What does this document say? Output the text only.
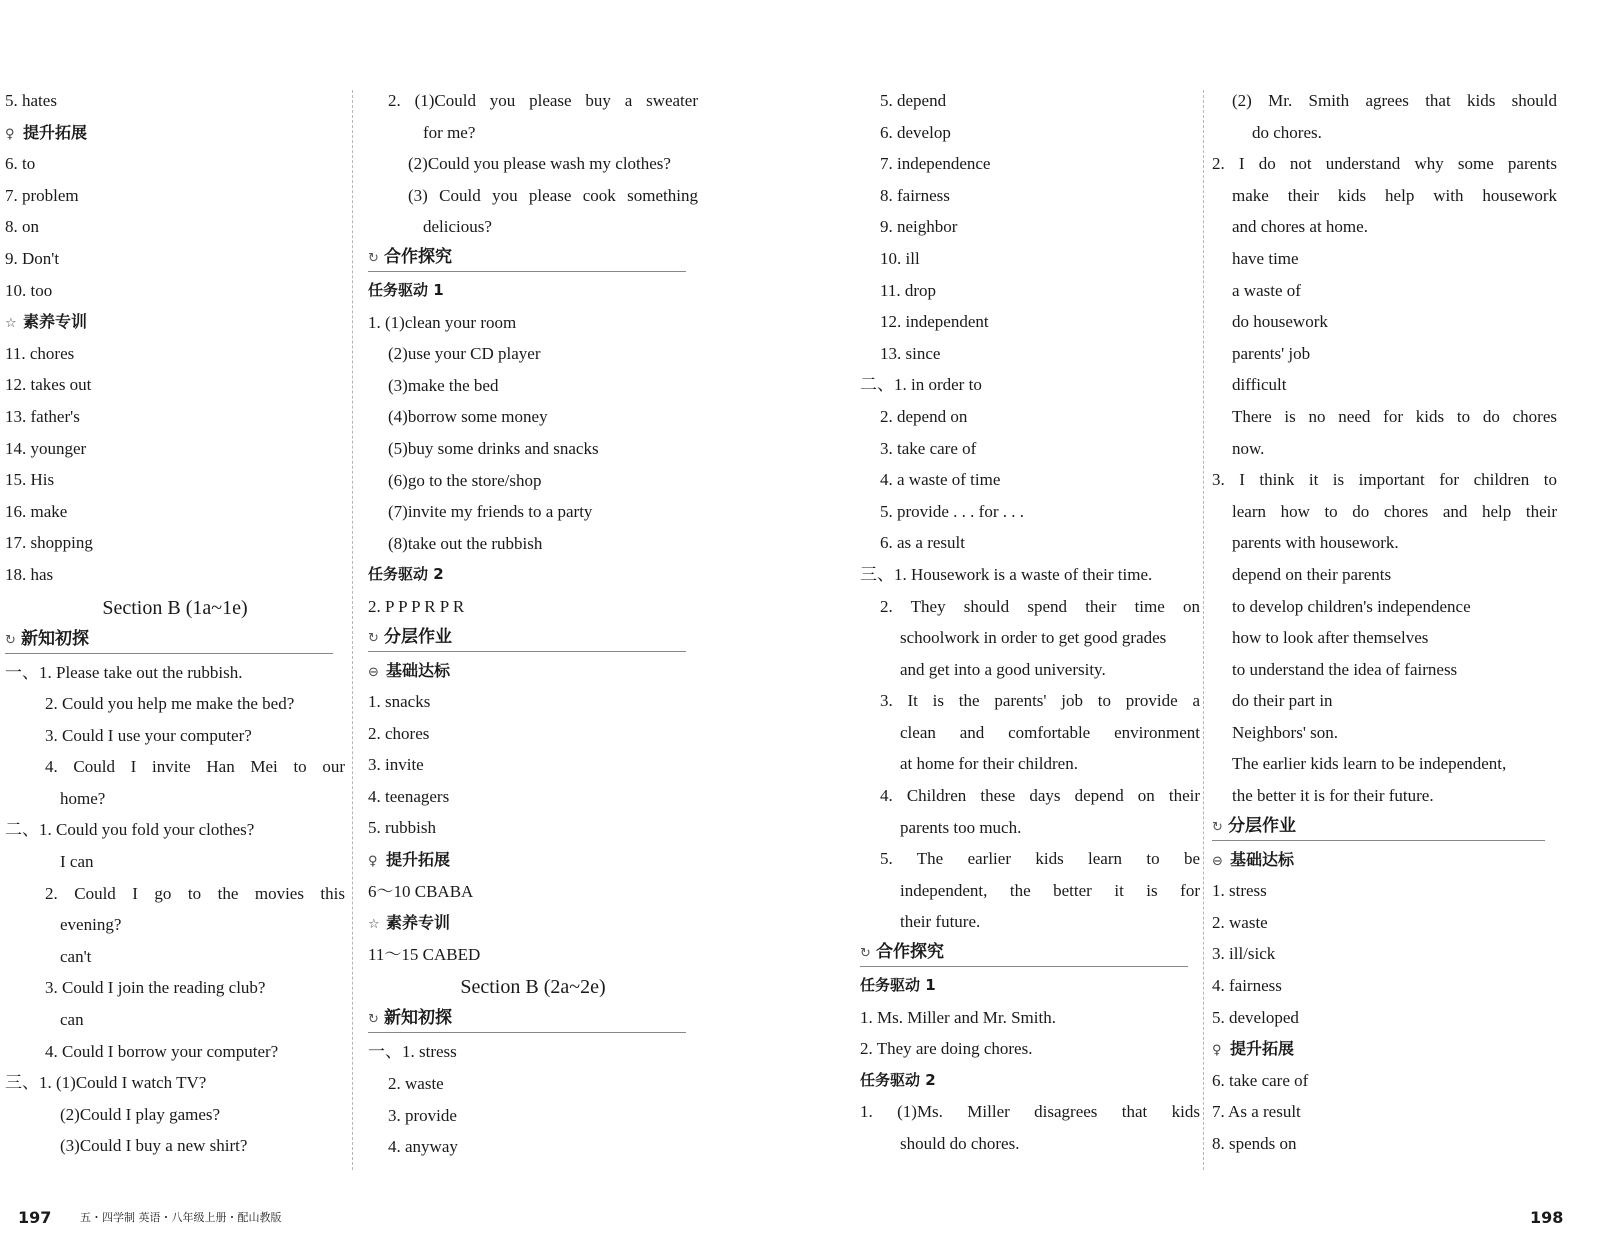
5. hates
♀ 提升拓展
6. to
7. problem
8. on
9. Don't
10. too
☆ 素养专训
11. chores
12. takes out
13. father's
14. younger
15. His
16. make
17. shopping
18. has
Section B (1a~1e)
↻ 新知初探
一、1. Please take out the rubbish.
2. Could you help me make the bed?
3. Could I use your computer?
4. Could I invite Han Mei to our
home?
二、1. Could you fold your clothes?
I can
2. Could I go to the movies this
evening?
can't
3. Could I join the reading club?
can
4. Could I borrow your computer?
三、1. (1)Could I watch TV?
(2)Could I play games?
(3)Could I buy a new shirt?
2. (1)Could you please buy a sweater
for me?
(2)Could you please wash my clothes?
(3) Could you please cook something
delicious?
↻ 合作探究
任务驱动 1
1. (1)clean your room
(2)use your CD player
(3)make the bed
(4)borrow some money
(5)buy some drinks and snacks
(6)go to the store/shop
(7)invite my friends to a party
(8)take out the rubbish
任务驱动 2
2. P P P R P R
↻ 分层作业
⊖ 基础达标
1. snacks
2. chores
3. invite
4. teenagers
5. rubbish
♀ 提升拓展
6～10 CBABA
☆ 素养专训
11～15 CABED
Section B (2a~2e)
↻ 新知初探
一、1. stress
2. waste
3. provide
4. anyway
5. depend
6. develop
7. independence
8. fairness
9. neighbor
10. ill
11. drop
12. independent
13. since
二、1. in order to
2. depend on
3. take care of
4. a waste of time
5. provide . . . for . . .
6. as a result
三、1. Housework is a waste of their time.
2. They should spend their time on
schoolwork in order to get good grades
and get into a good university.
3. It is the parents' job to provide a
clean and comfortable environment
at home for their children.
4. Children these days depend on their
parents too much.
5. The earlier kids learn to be
independent, the better it is for
their future.
↻ 合作探究
任务驱动 1
1. Ms. Miller and Mr. Smith.
2. They are doing chores.
任务驱动 2
1. (1)Ms. Miller disagrees that kids
should do chores.
(2) Mr. Smith agrees that kids should
do chores.
2. I do not understand why some parents
make their kids help with housework
and chores at home.
have time
a waste of
do housework
parents' job
difficult
There is no need for kids to do chores
now.
3. I think it is important for children to
learn how to do chores and help their
parents with housework.
depend on their parents
to develop children's independence
how to look after themselves
to understand the idea of fairness
do their part in
Neighbors' son.
The earlier kids learn to be independent,
the better it is for their future.
↻ 分层作业
⊖ 基础达标
1. stress
2. waste
3. ill/sick
4. fairness
5. developed
♀ 提升拓展
6. take care of
7. As a result
8. spends on
197	五・四学制 英语・八年级上册・配山教版	198
